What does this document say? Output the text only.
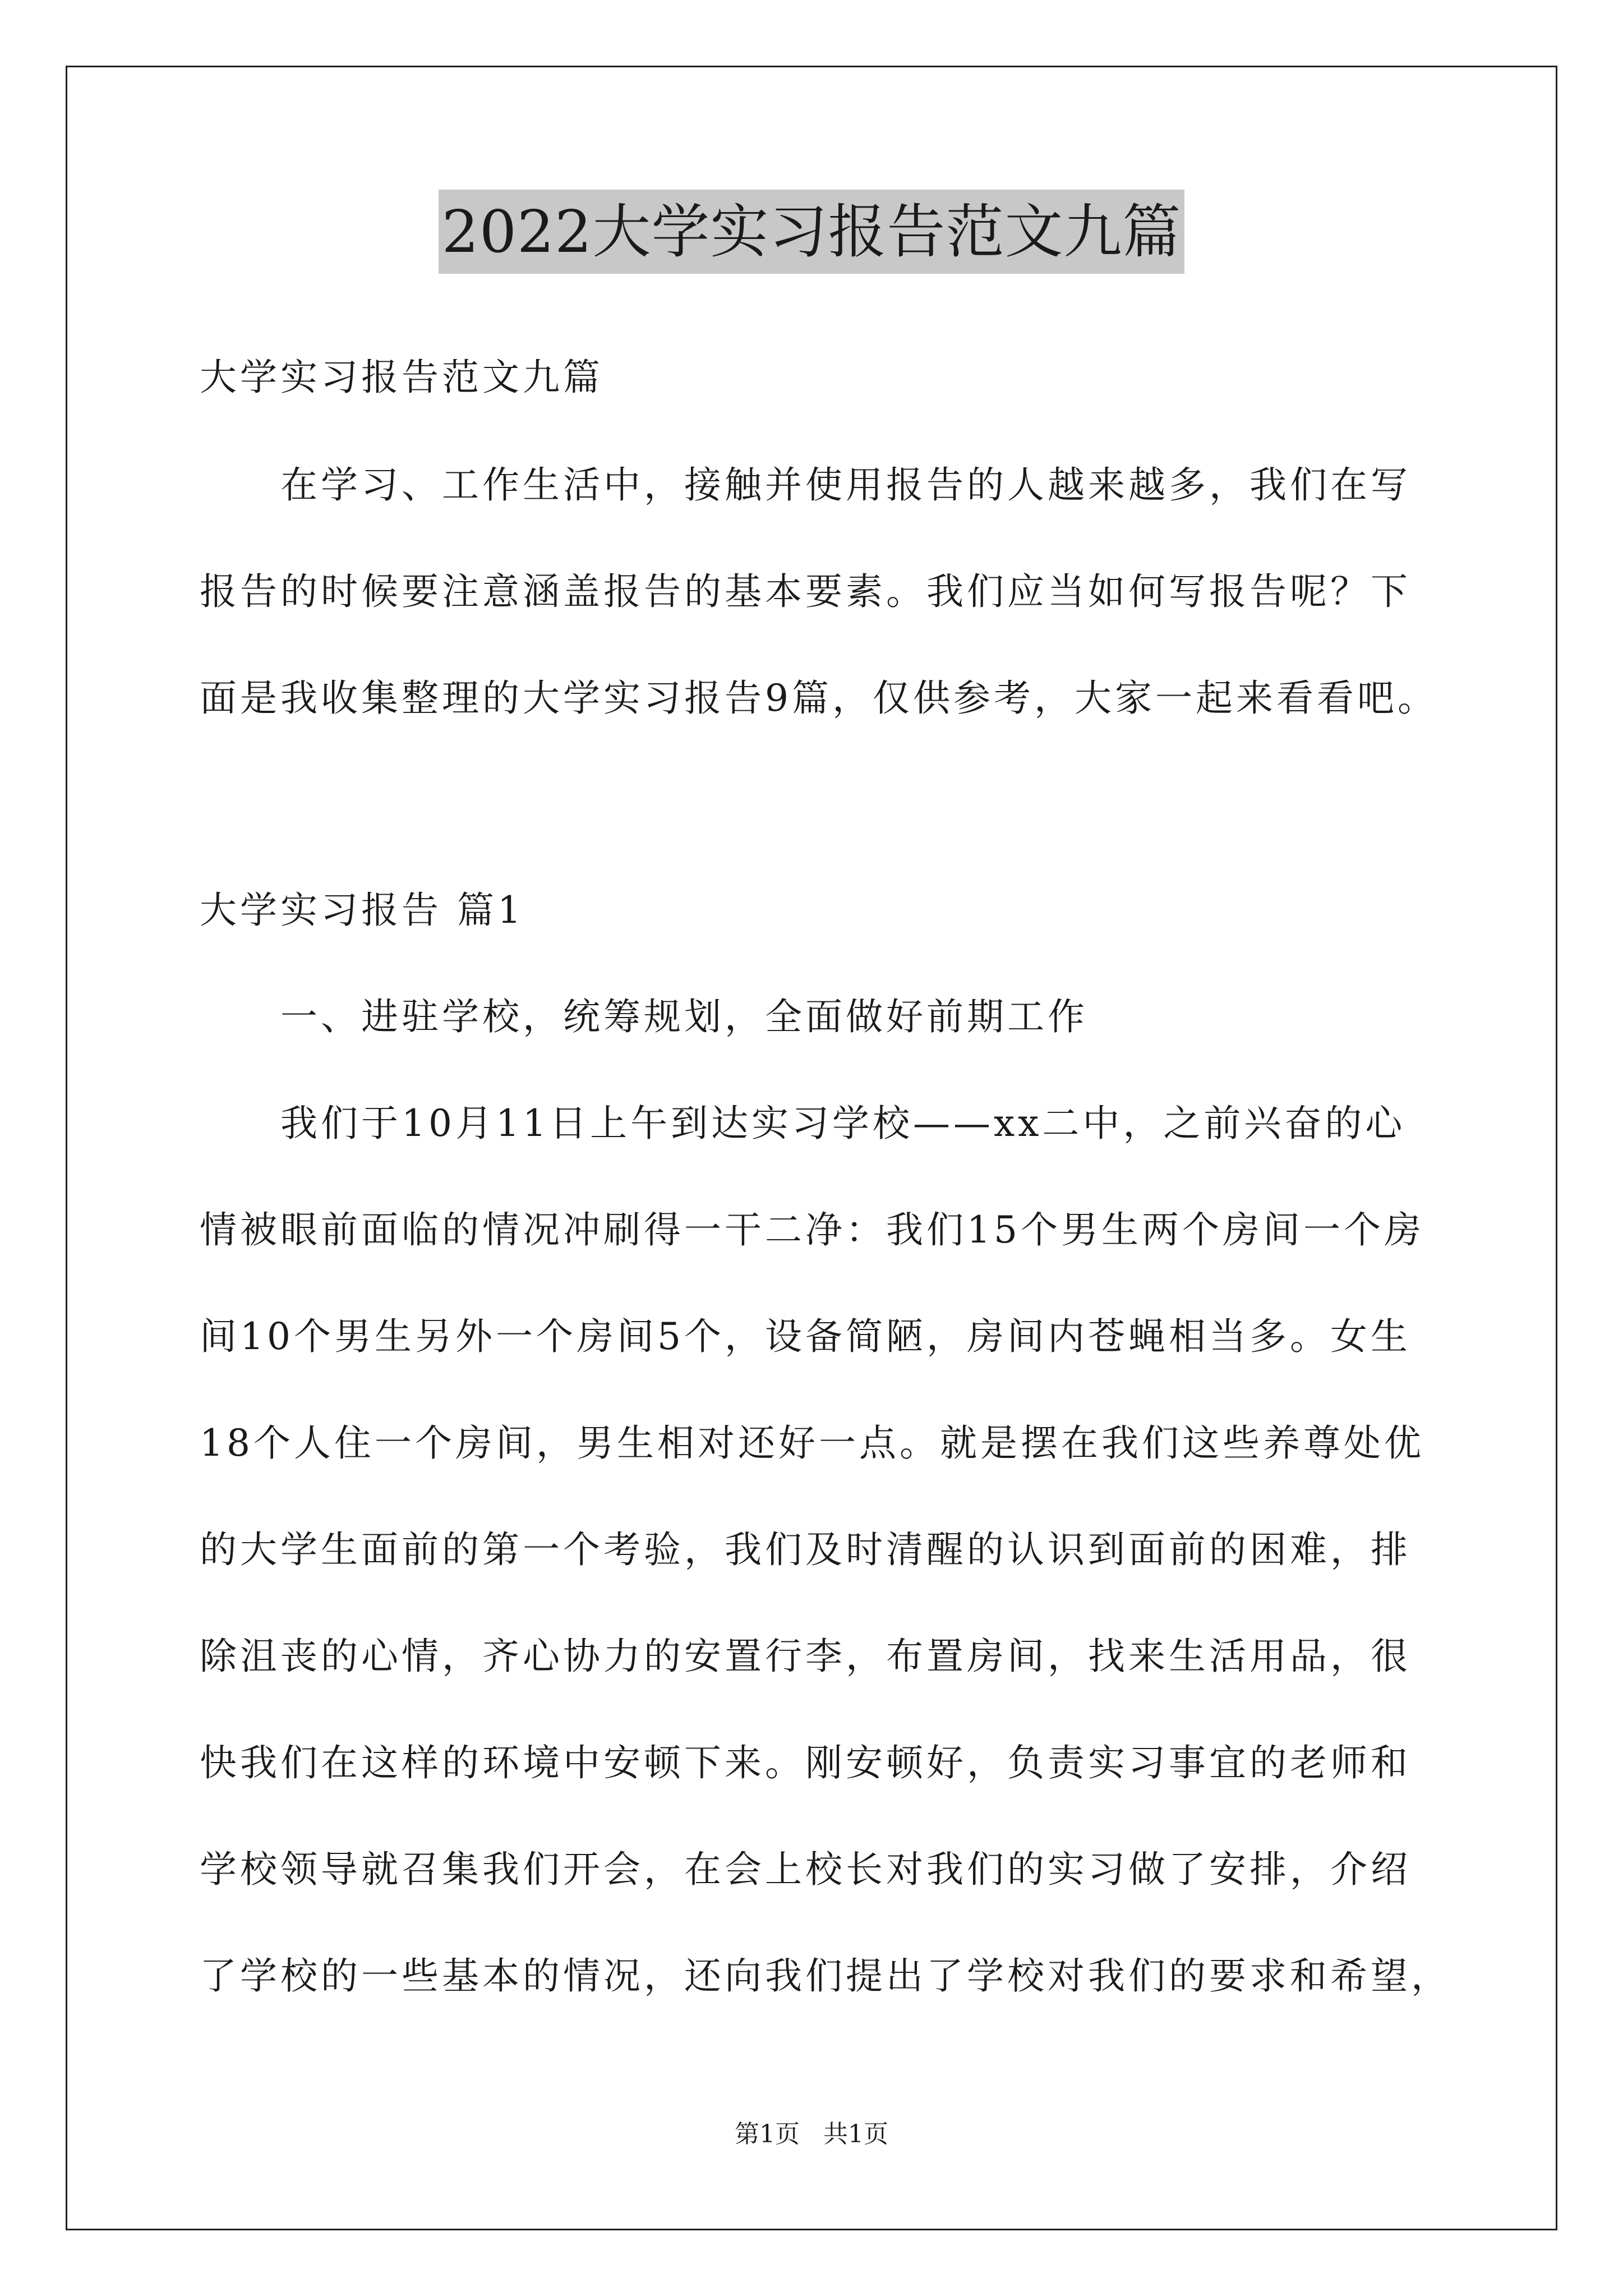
2022大学实习报告范文九篇
大学实习报告范文九篇
在学习、工作生活中，接触并使用报告的人越来越多，我们在写
报告的时候要注意涵盖报告的基本要素。我们应当如何写报告呢？下
面是我收集整理的大学实习报告9篇，仅供参考，大家一起来看看吧。
大学实习报告 篇1
一、进驻学校，统筹规划，全面做好前期工作
我们于10月11日上午到达实习学校——xx二中，之前兴奋的心
情被眼前面临的情况冲刷得一干二净：我们15个男生两个房间一个房
间10个男生另外一个房间5个，设备简陋，房间内苍蝇相当多。女生
18个人住一个房间，男生相对还好一点。就是摆在我们这些养尊处优
的大学生面前的第一个考验，我们及时清醒的认识到面前的困难，排
除沮丧的心情，齐心协力的安置行李，布置房间，找来生活用品，很
快我们在这样的环境中安顿下来。刚安顿好，负责实习事宜的老师和
学校领导就召集我们开会，在会上校长对我们的实习做了安排，介绍
了学校的一些基本的情况，还向我们提出了学校对我们的要求和希望，
第1页   共1页
